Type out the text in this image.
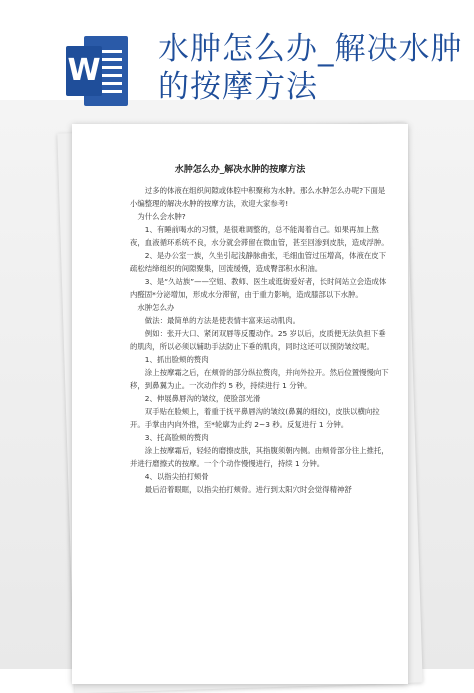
W
水肿怎么办_解决水肿的按摩方法
水肿怎么办_解决水肿的按摩方法

过多的体液在组织间隙或体腔中积聚称为水肿。那么水肿怎么办呢?下面是小编整理的解决水肿的按摩方法，欢迎大家参考!

为什么会水肿?

1、有睡前喝水的习惯，是很难调整的，总不能渴着自己。如果再加上熬夜，血液循环系统不良，水分就会滞留在微血管，甚至回渗到皮肤，造成浮肿。

2、是办公室一族，久坐引起浅静脉曲张，毛细血管过压增高，体液在皮下疏松结缔组织的间隙聚集，回流缓慢，造成臀部积水积油。

3、是“久站族”——空姐、教师、医生或逛街爱好者，长时间站立会造成体内醛固*分泌增加，形成水分滞留，由于重力影响，造成膝部以下水肿。

水肿怎么办

做法：最简单的方法是使表情丰富来运动肌肉。

例如：张开大口、紧闭双唇等反覆动作。25 岁以后，皮质便无法负担下垂的肌肉，所以必须以辅助手法防止下垂的肌肉，同时这还可以预防皱纹呢。

1、抓出脸颊的赘肉

涂上按摩霜之后，在颊骨的部分纵拉赘肉，并向外拉开。然后位置慢慢向下移，到鼻翼为止。一次动作约 5 秒，持续进行 1 分钟。

2、伸展鼻唇沟的皱纹，使脸部光滑

双手贴在脸颊上，着重于抚平鼻唇沟的皱纹(鼻翼的细纹)，皮肤以横向拉开。手掌由内向外推，至*轮廓为止约 2~3 秒。反复进行 1 分钟。

3、托高脸颊的赘肉

涂上按摩霜后，轻轻的磨擦皮肤，其指腹须朝内侧。由颊骨部分往上推托，并进行磨擦式的按摩。一个个动作慢慢进行，持续 1 分钟。

4、以指尖拍打颊骨

最后沿着眼眶，以指尖拍打颊骨。进行到太阳穴时会觉得精神舒
